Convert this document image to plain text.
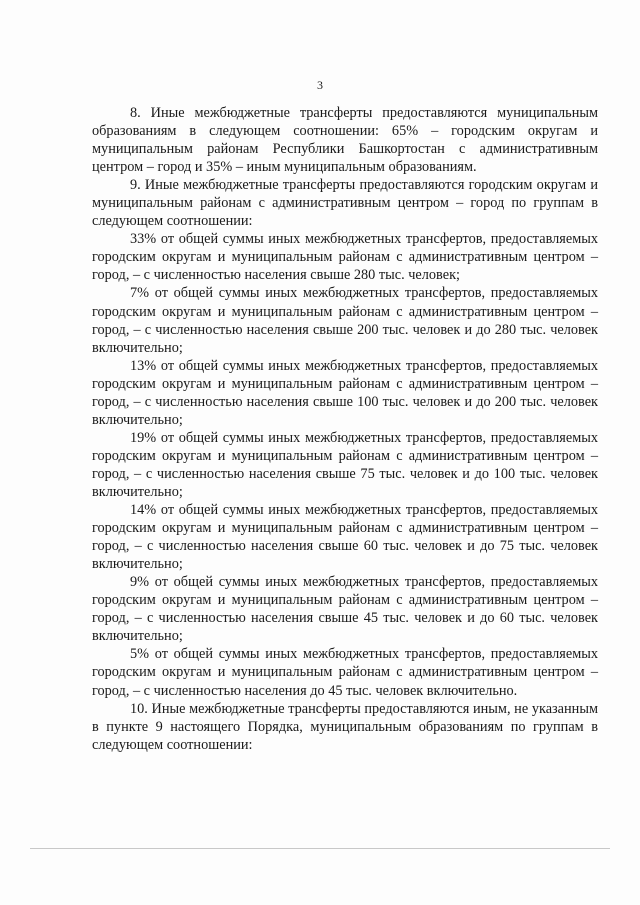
3

8. Иные межбюджетные трансферты предоставляются муниципальным образованиям в следующем соотношении: 65% – городским округам и муниципальным районам Республики Башкортостан с административным центром – город и 35% – иным муниципальным образованиям.

9. Иные межбюджетные трансферты предоставляются городским округам и муниципальным районам с административным центром – город по группам в следующем соотношении:

33% от общей суммы иных межбюджетных трансфертов, предоставляемых городским округам и муниципальным районам с административным центром – город, – с численностью населения свыше 280 тыс. человек;

7% от общей суммы иных межбюджетных трансфертов, предоставляемых городским округам и муниципальным районам с административным центром – город, – с численностью населения свыше 200 тыс. человек и до 280 тыс. человек включительно;

13% от общей суммы иных межбюджетных трансфертов, предоставляемых городским округам и муниципальным районам с административным центром – город, – с численностью населения свыше 100 тыс. человек и до 200 тыс. человек включительно;

19% от общей суммы иных межбюджетных трансфертов, предоставляемых городским округам и муниципальным районам с административным центром – город, – с численностью населения свыше 75 тыс. человек и до 100 тыс. человек включительно;

14% от общей суммы иных межбюджетных трансфертов, предоставляемых городским округам и муниципальным районам с административным центром – город, – с численностью населения свыше 60 тыс. человек и до 75 тыс. человек включительно;

9% от общей суммы иных межбюджетных трансфертов, предоставляемых городским округам и муниципальным районам с административным центром – город, – с численностью населения свыше 45 тыс. человек и до 60 тыс. человек включительно;

5% от общей суммы иных межбюджетных трансфертов, предоставляемых городским округам и муниципальным районам с административным центром – город, – с численностью населения до 45 тыс. человек включительно.

10. Иные межбюджетные трансферты предоставляются иным, не указанным в пункте 9 настоящего Порядка, муниципальным образованиям по группам в следующем соотношении:
